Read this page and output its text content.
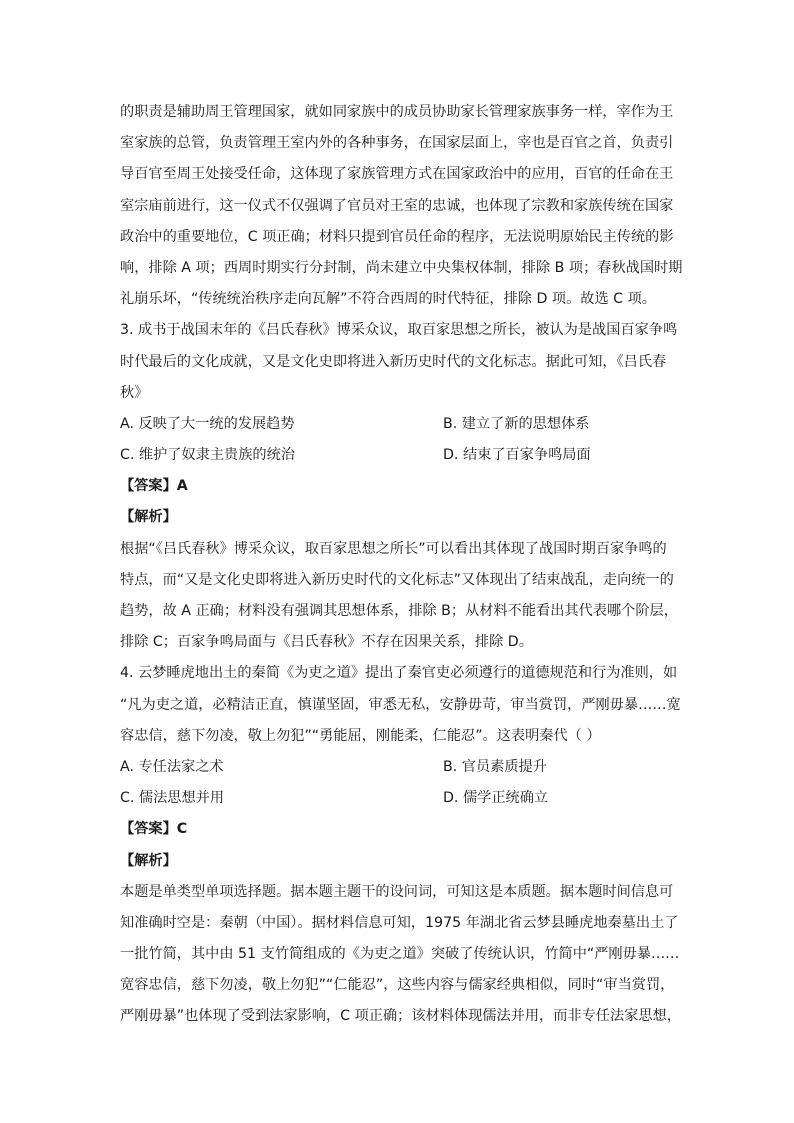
的职责是辅助周王管理国家，就如同家族中的成员协助家长管理家族事务一样，宰作为王
室家族的总管，负责管理王室内外的各种事务，在国家层面上，宰也是百官之首，负责引
导百官至周王处接受任命，这体现了家族管理方式在国家政治中的应用，百官的任命在王
室宗庙前进行，这一仪式不仅强调了官员对王室的忠诚，也体现了宗教和家族传统在国家
政治中的重要地位，C 项正确；材料只提到官员任命的程序，无法说明原始民主传统的影
响，排除 A 项；西周时期实行分封制，尚未建立中央集权体制，排除 B 项；春秋战国时期
礼崩乐坏，“传统统治秩序走向瓦解”不符合西周的时代特征，排除 D 项。故选 C 项。
3. 成书于战国末年的《吕氏春秋》博采众议，取百家思想之所长，被认为是战国百家争鸣
时代最后的文化成就，又是文化史即将进入新历史时代的文化标志。据此可知，《吕氏春
秋》
A. 反映了大一统的发展趋势	B. 建立了新的思想体系
C. 维护了奴隶主贵族的统治	D. 结束了百家争鸣局面
【答案】A
【解析】
根据“《吕氏春秋》博采众议，取百家思想之所长”可以看出其体现了战国时期百家争鸣的
特点，而“又是文化史即将进入新历史时代的文化标志”又体现出了结束战乱，走向统一的
趋势，故 A 正确；材料没有强调其思想体系，排除 B；从材料不能看出其代表哪个阶层，
排除 C；百家争鸣局面与《吕氏春秋》不存在因果关系，排除 D。
4. 云梦睡虎地出土的秦简《为吏之道》提出了秦官吏必须遵行的道德规范和行为准则，如
“凡为吏之道，必精洁正直，慎谨坚固，审悉无私，安静毋苛，审当赏罚，严刚毋暴……宽
容忠信，慈下勿凌，敬上勿犯”“勇能屈，刚能柔，仁能忍”。这表明秦代（ ）
A. 专任法家之术	B. 官员素质提升
C. 儒法思想并用	D. 儒学正统确立
【答案】C
【解析】
本题是单类型单项选择题。据本题主题干的设问词，可知这是本质题。据本题时间信息可
知准确时空是：秦朝（中国）。据材料信息可知，1975 年湖北省云梦县睡虎地秦墓出土了
一批竹简，其中由 51 支竹简组成的《为吏之道》突破了传统认识，竹简中“严刚毋暴……
宽容忠信，慈下勿凌，敬上勿犯”“仁能忍”，这些内容与儒家经典相似，同时“审当赏罚，
严刚毋暴”也体现了受到法家影响，C 项正确；该材料体现儒法并用，而非专任法家思想，
